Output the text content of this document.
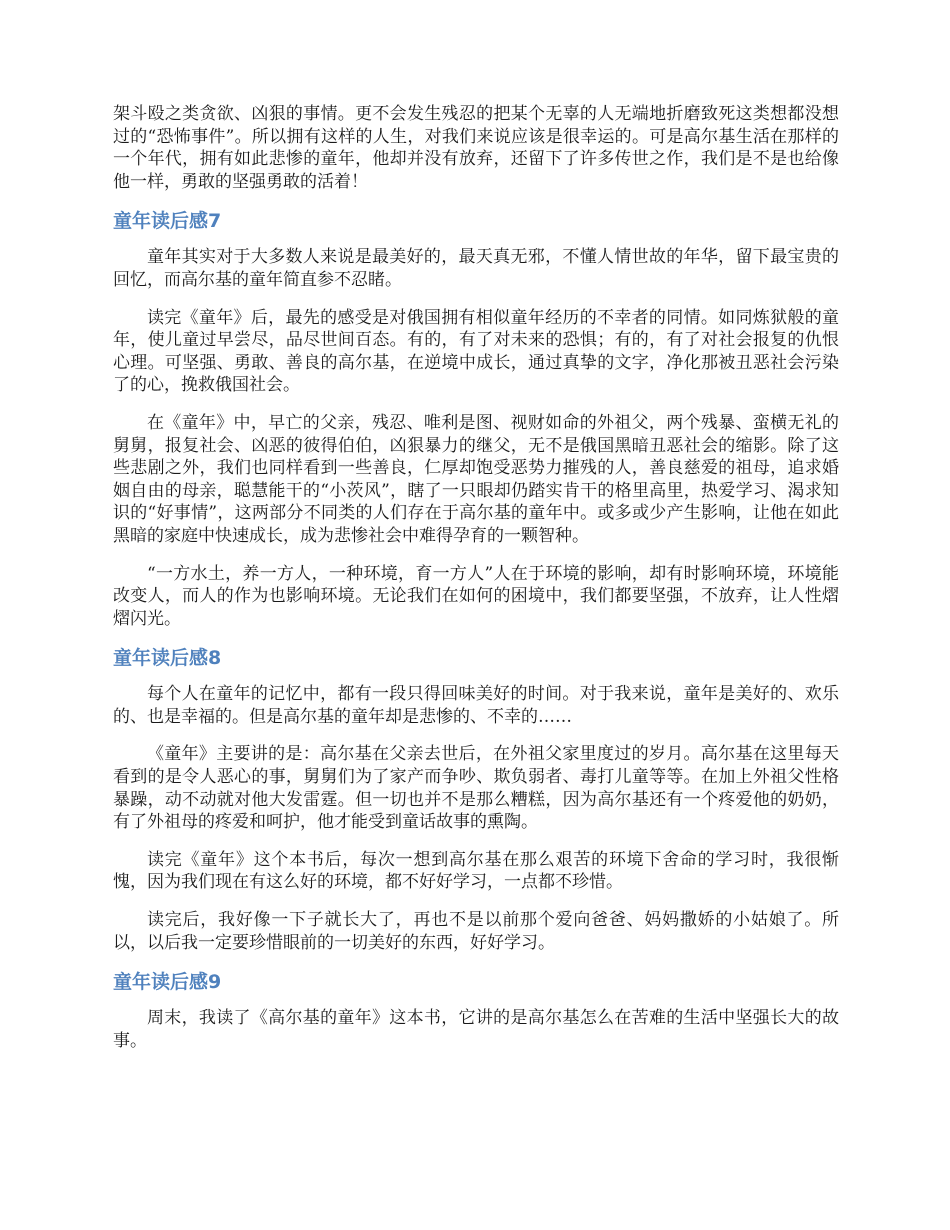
架斗殴之类贪欲、凶狠的事情。更不会发生残忍的把某个无辜的人无端地折磨致死这类想都没想过的“恐怖事件”。所以拥有这样的人生，对我们来说应该是很幸运的。可是高尔基生活在那样的一个年代，拥有如此悲惨的童年，他却并没有放弃，还留下了许多传世之作，我们是不是也给像他一样，勇敢的坚强勇敢的活着！

童年读后感7

童年其实对于大多数人来说是最美好的，最天真无邪，不懂人情世故的年华，留下最宝贵的回忆，而高尔基的童年简直参不忍睹。

读完《童年》后，最先的感受是对俄国拥有相似童年经历的不幸者的同情。如同炼狱般的童年，使儿童过早尝尽，品尽世间百态。有的，有了对未来的恐惧；有的，有了对社会报复的仇恨心理。可坚强、勇敢、善良的高尔基，在逆境中成长，通过真挚的文字，净化那被丑恶社会污染了的心，挽救俄国社会。

在《童年》中，早亡的父亲，残忍、唯利是图、视财如命的外祖父，两个残暴、蛮横无礼的舅舅，报复社会、凶恶的彼得伯伯，凶狠暴力的继父，无不是俄国黑暗丑恶社会的缩影。除了这些悲剧之外，我们也同样看到一些善良，仁厚却饱受恶势力摧残的人，善良慈爱的祖母，追求婚姻自由的母亲，聪慧能干的“小茨风”，瞎了一只眼却仍踏实肯干的格里高里，热爱学习、渴求知识的“好事情”，这两部分不同类的人们存在于高尔基的童年中。或多或少产生影响，让他在如此黑暗的家庭中快速成长，成为悲惨社会中难得孕育的一颗智种。

“一方水土，养一方人，一种环境，育一方人”人在于环境的影响，却有时影响环境，环境能改变人，而人的作为也影响环境。无论我们在如何的困境中，我们都要坚强，不放弃，让人性熠熠闪光。

童年读后感8

每个人在童年的记忆中，都有一段只得回味美好的时间。对于我来说，童年是美好的、欢乐的、也是幸福的。但是高尔基的童年却是悲惨的、不幸的……

《童年》主要讲的是：高尔基在父亲去世后，在外祖父家里度过的岁月。高尔基在这里每天看到的是令人恶心的事，舅舅们为了家产而争吵、欺负弱者、毒打儿童等等。在加上外祖父性格暴躁，动不动就对他大发雷霆。但一切也并不是那么糟糕，因为高尔基还有一个疼爱他的奶奶，有了外祖母的疼爱和呵护，他才能受到童话故事的熏陶。

读完《童年》这个本书后，每次一想到高尔基在那么艰苦的环境下舍命的学习时，我很惭愧，因为我们现在有这么好的环境，都不好好学习，一点都不珍惜。

读完后，我好像一下子就长大了，再也不是以前那个爱向爸爸、妈妈撒娇的小姑娘了。所以，以后我一定要珍惜眼前的一切美好的东西，好好学习。

童年读后感9

周末，我读了《高尔基的童年》这本书，它讲的是高尔基怎么在苦难的生活中坚强长大的故事。
